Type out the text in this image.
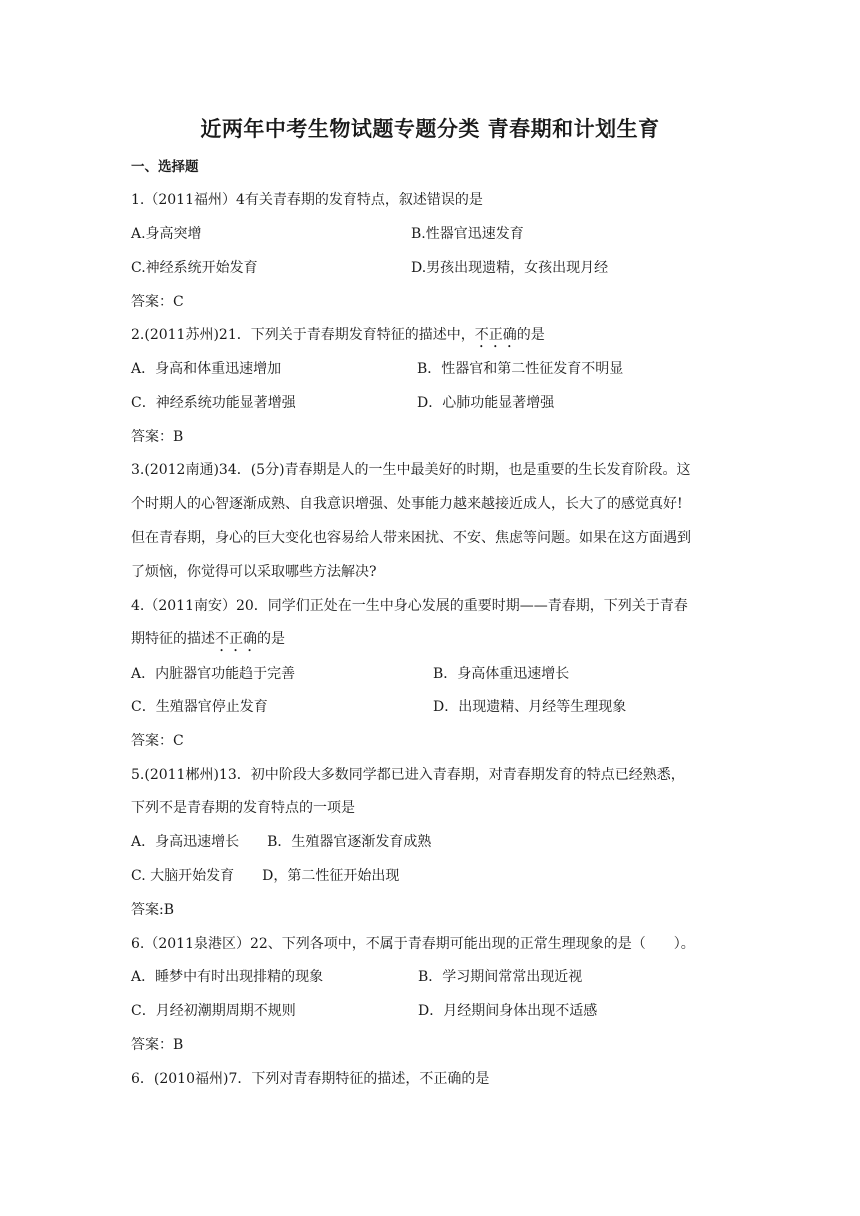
近两年中考生物试题专题分类 青春期和计划生育
一、选择题
1.（2011福州）4有关青春期的发育特点，叙述错误的是
A.身高突增	B.性器官迅速发育
C.神经系统开始发育	D.男孩出现遗精，女孩出现月经
答案：C
2.(2011苏州)21．下列关于青春期发育特征的描述中，不正确的是
A．身高和体重迅速增加	B．性器官和第二性征发育不明显
C．神经系统功能显著增强	D．心肺功能显著增强
答案：B
3.(2012南通)34．(5分)青春期是人的一生中最美好的时期，也是重要的生长发育阶段。这
个时期人的心智逐渐成熟、自我意识增强、处事能力越来越接近成人，长大了的感觉真好!
但在青春期，身心的巨大变化也容易给人带来困扰、不安、焦虑等问题。如果在这方面遇到
了烦恼，你觉得可以采取哪些方法解决?
4.（2011南安）20．同学们正处在一生中身心发展的重要时期——青春期，下列关于青春
期特征的描述不正确的是
A．内脏器官功能趋于完善	B．身高体重迅速增长
C．生殖器官停止发育	D．出现遗精、月经等生理现象
答案：C
5.(2011郴州)13．初中阶段大多数同学都已进入青春期，对青春期发育的特点已经熟悉，
下列不是青春期的发育特点的一项是
A．身高迅速增长　　B．生殖器官逐渐发育成熟
C. 大脑开始发育　　D，第二性征开始出现
答案:B
6.（2011泉港区）22、下列各项中，不属于青春期可能出现的正常生理现象的是（　　）。
A．睡梦中有时出现排精的现象	B．学习期间常常出现近视
C．月经初潮期周期不规则	D．月经期间身体出现不适感
答案：B
6．(2010福州)7．下列对青春期特征的描述，不正确的是
